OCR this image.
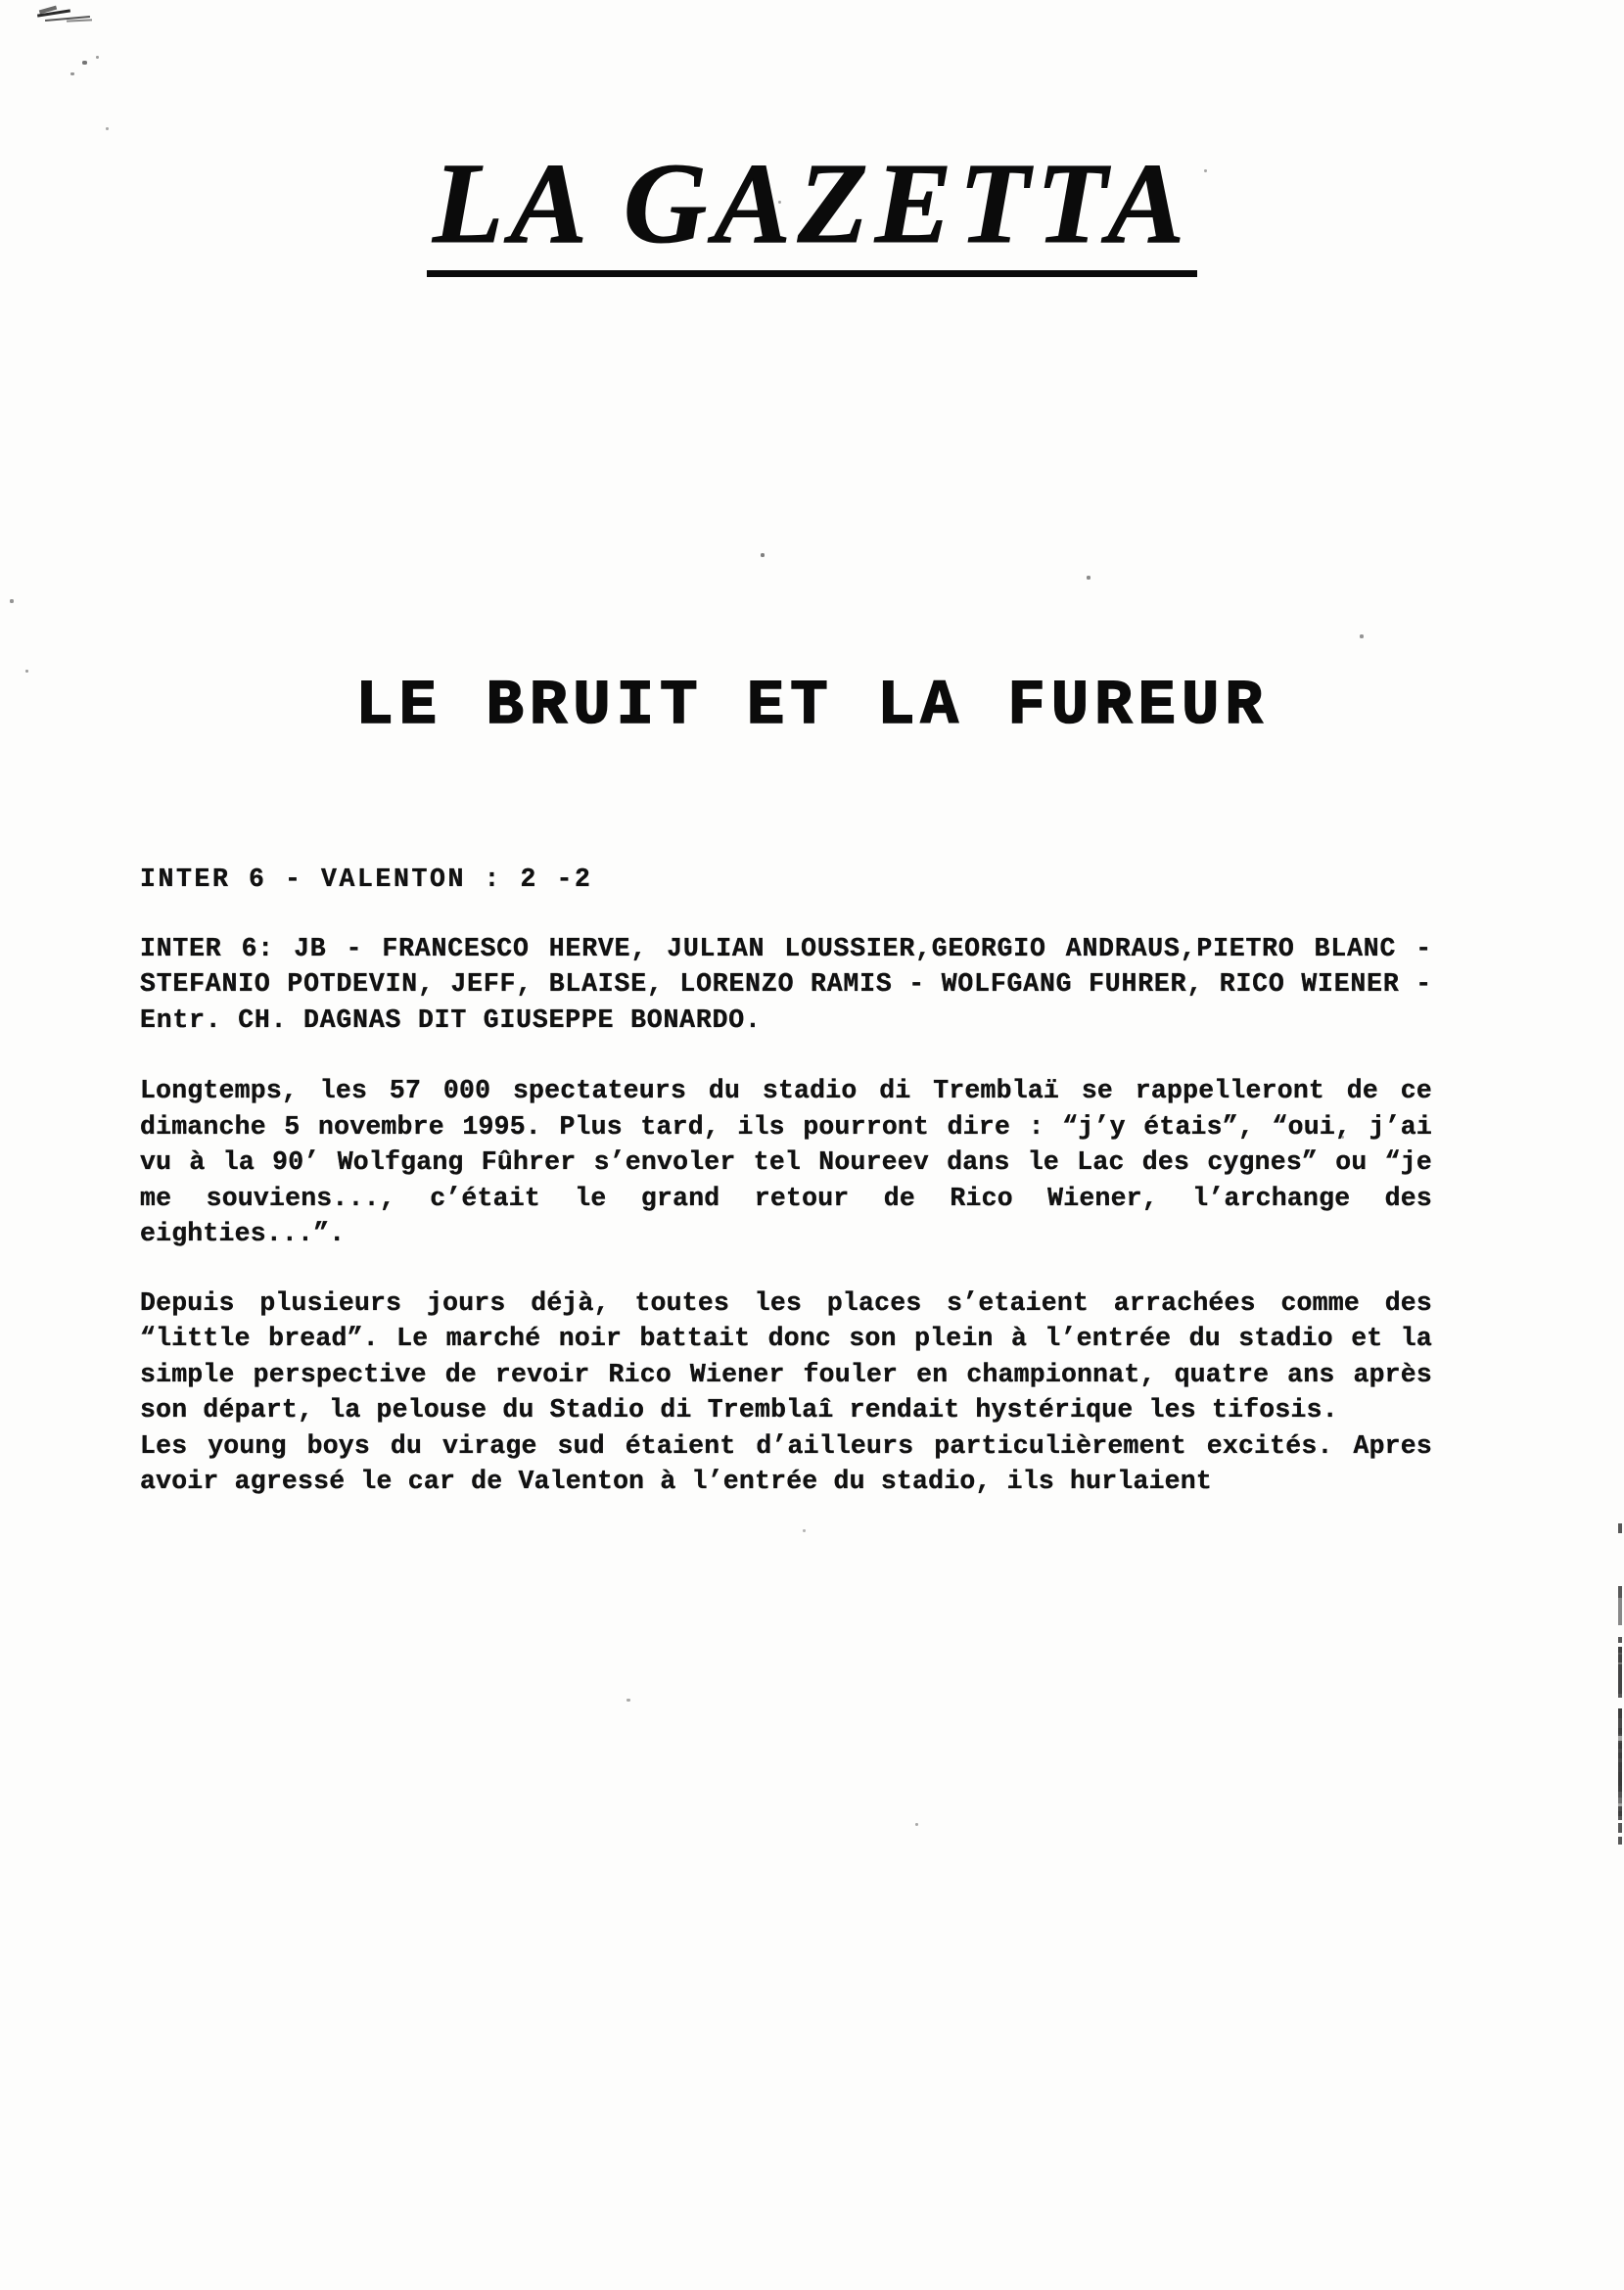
LA GAZETTA
LE BRUIT ET LA FUREUR
INTER 6 - VALENTON : 2 -2
INTER 6: JB - FRANCESCO HERVE, JULIAN LOUSSIER,GEORGIO ANDRAUS,PIETRO BLANC - STEFANIO POTDEVIN, JEFF, BLAISE, LORENZO RAMIS - WOLFGANG FUHRER, RICO WIENER - Entr. CH. DAGNAS DIT GIUSEPPE BONARDO.
Longtemps, les 57 000 spectateurs du stadio di Tremblaï se rappelleront de ce dimanche 5 novembre 1995. Plus tard, ils pourront dire : “j’y étais”, “oui, j’ai vu à la 90’ Wolfgang Fûhrer s’envoler tel Noureev dans le Lac des cygnes” ou “je me souviens..., c’était le grand retour de Rico Wiener, l’archange des eighties...”.
Depuis plusieurs jours déjà, toutes les places s’etaient arrachées comme des “little bread”. Le marché noir battait donc son plein à l’entrée du stadio et la simple perspective de revoir Rico Wiener fouler en championnat, quatre ans après son départ, la pelouse du Stadio di Tremblaî rendait hystérique les tifosis.
Les young boys du virage sud étaient d’ailleurs particulièrement excités. Apres avoir agressé le car de Valenton à l’entrée du stadio, ils hurlaient
